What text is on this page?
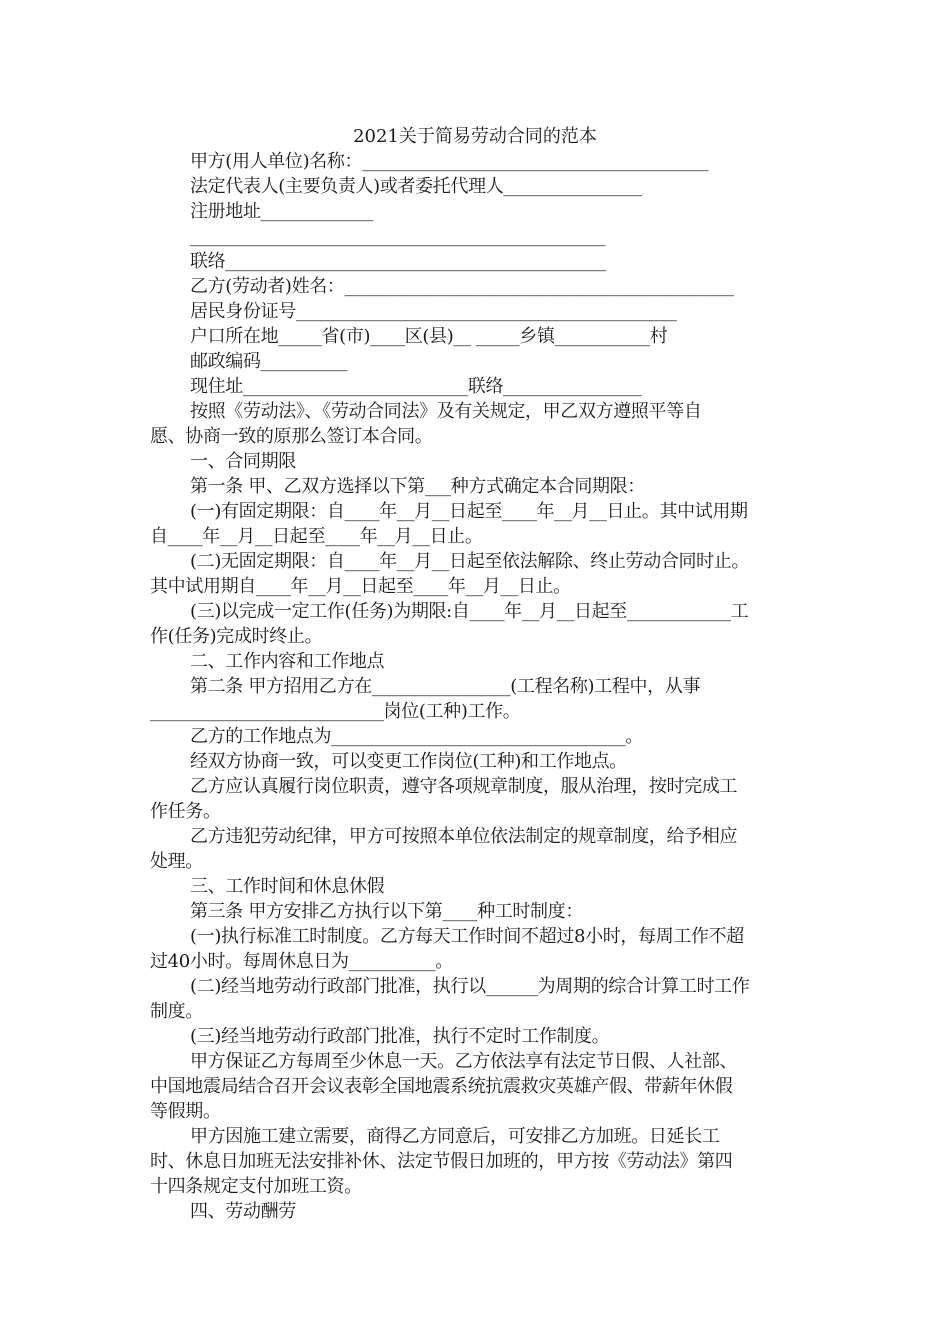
2021关于简易劳动合同的范本
甲方(用人单位)名称：________________________________________
法定代表人(主要负责人)或者委托代理人________________
注册地址_____________
________________________________________________
联络____________________________________________
乙方(劳动者)姓名：_____________________________________________
居民身份证号____________________________________________
户口所在地_____省(市)____区(县)__ _____乡镇___________村
邮政编码__________
现住址__________________________联络________________
按照《劳动法》、《劳动合同法》及有关规定，甲乙双方遵照平等自
愿、协商一致的原那么签订本合同。
一、合同期限
第一条 甲、乙双方选择以下第___种方式确定本合同期限：
(一)有固定期限：自____年__月__日起至____年__月__日止。其中试用期
自____年__月__日起至____年__月__日止。
(二)无固定期限：自____年__月__日起至依法解除、终止劳动合同时止。
其中试用期自____年__月__日起至____年__月__日止。
(三)以完成一定工作(任务)为期限:自____年__月__日起至____________工
作(任务)完成时终止。
二、工作内容和工作地点
第二条 甲方招用乙方在________________(工程名称)工程中，从事
___________________________岗位(工种)工作。
乙方的工作地点为__________________________________。
经双方协商一致，可以变更工作岗位(工种)和工作地点。
乙方应认真履行岗位职责，遵守各项规章制度，服从治理，按时完成工
作任务。
乙方违犯劳动纪律，甲方可按照本单位依法制定的规章制度，给予相应
处理。
三、工作时间和休息休假
第三条 甲方安排乙方执行以下第____种工时制度：
(一)执行标准工时制度。乙方每天工作时间不超过8小时，每周工作不超
过40小时。每周休息日为__________。
(二)经当地劳动行政部门批准，执行以______为周期的综合计算工时工作
制度。
(三)经当地劳动行政部门批准，执行不定时工作制度。
甲方保证乙方每周至少休息一天。乙方依法享有法定节日假、人社部、
中国地震局结合召开会议表彰全国地震系统抗震救灾英雄产假、带薪年休假
等假期。
甲方因施工建立需要，商得乙方同意后，可安排乙方加班。日延长工
时、休息日加班无法安排补休、法定节假日加班的，甲方按《劳动法》第四
十四条规定支付加班工资。
四、劳动酬劳
